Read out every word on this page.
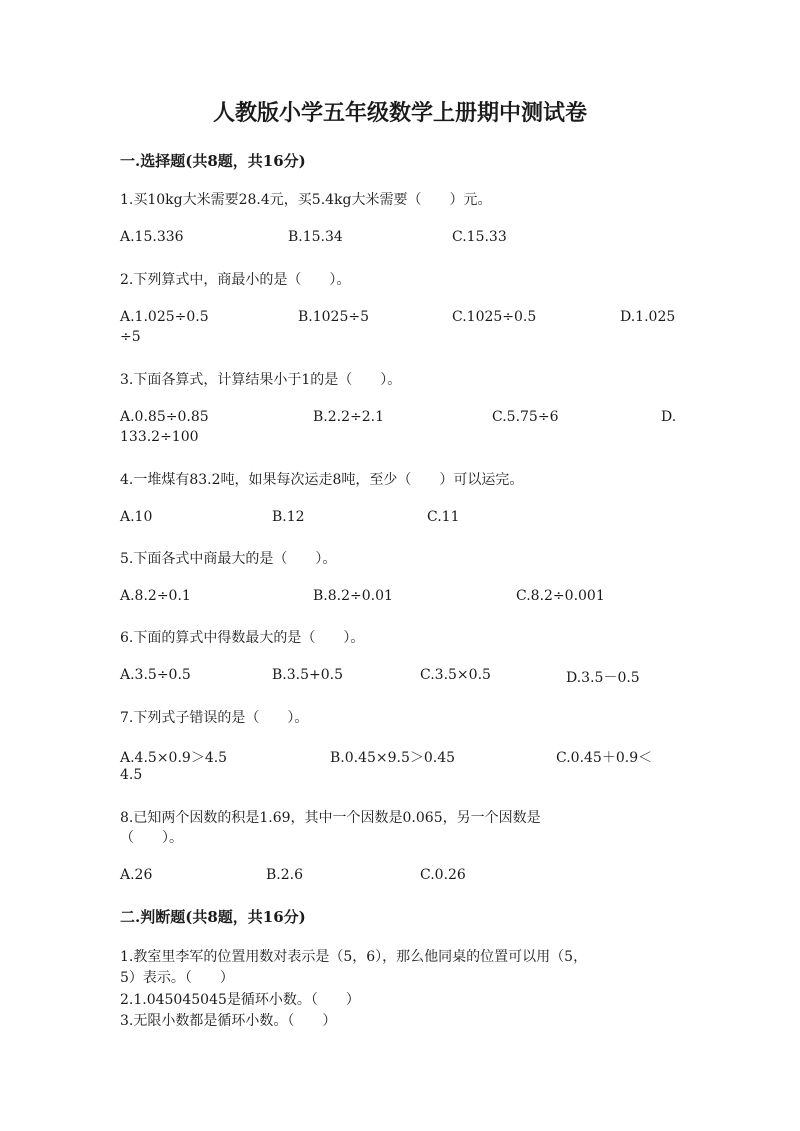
人教版小学五年级数学上册期中测试卷
一.选择题(共8题，共16分)
1.买10kg大米需要28.4元，买5.4kg大米需要（　　）元。
A.15.336	B.15.34	C.15.33
2.下列算式中，商最小的是（　　）。
A.1.025÷0.5	B.1025÷5	C.1025÷0.5	D.1.025
÷5
3.下面各算式，计算结果小于1的是（　　）。
A.0.85÷0.85	B.2.2÷2.1	C.5.75÷6	D.
133.2÷100
4.一堆煤有83.2吨，如果每次运走8吨，至少（　　）可以运完。
A.10	B.12	C.11
5.下面各式中商最大的是（　　）。
A.8.2÷0.1	B.8.2÷0.01	C.8.2÷0.001
6.下面的算式中得数最大的是（　　）。
A.3.5÷0.5	B.3.5+0.5	C.3.5×0.5	D.3.5－0.5
7.下列式子错误的是（　　）。
A.4.5×0.9＞4.5	B.0.45×9.5＞0.45	C.0.45＋0.9＜
4.5
8.已知两个因数的积是1.69，其中一个因数是0.065，另一个因数是
（　　）。
A.26	B.2.6	C.0.26
二.判断题(共8题，共16分)
1.教室里李军的位置用数对表示是（5，6），那么他同桌的位置可以用（5，
5）表示。（　　）
2.1.045045045是循环小数。（　　）
3.无限小数都是循环小数。（　　）
